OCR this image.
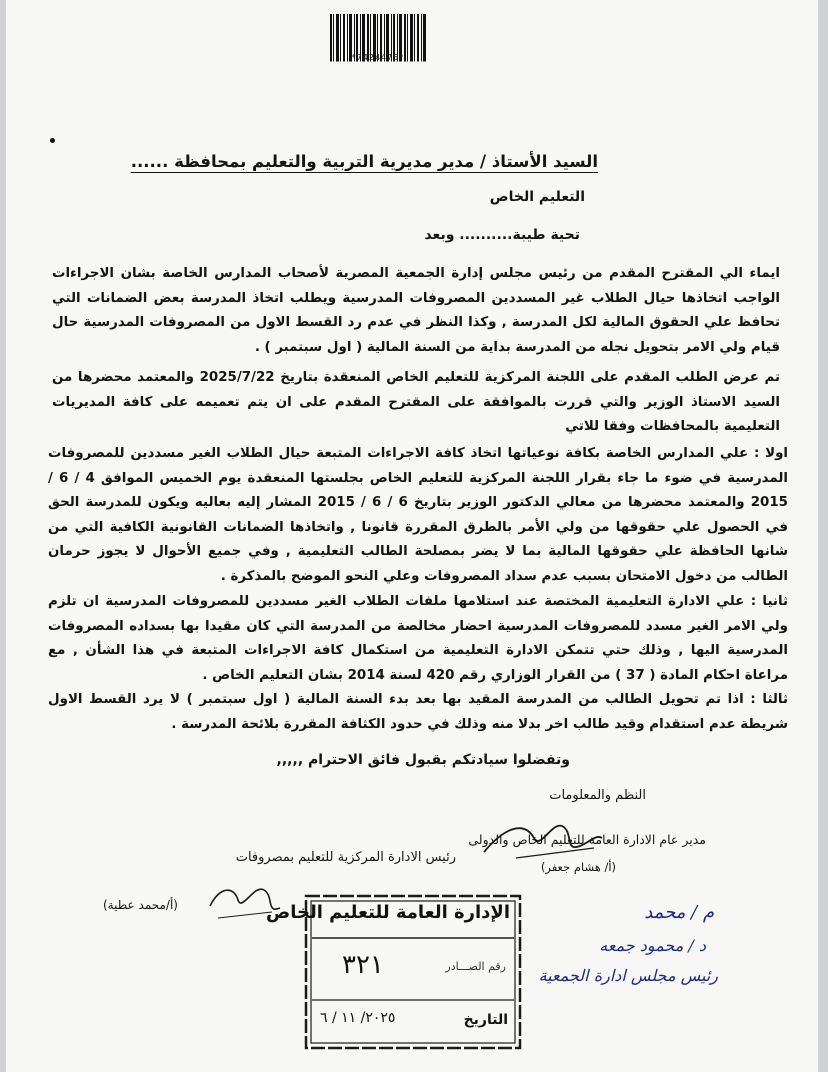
*7424475*
السيد الأستاذ / مدير مديرية التربية والتعليم بمحافظة ......
التعليم الخاص
تحية طيبة.......... وبعد
ايماء الي المقترح المقدم من رئيس مجلس إدارة الجمعية المصرية لأصحاب المدارس الخاصة بشان الاجراءات الواجب اتخاذها حيال الطلاب غير المسددين المصروفات المدرسية ويطلب اتخاذ المدرسة بعض الضمانات التي تحافظ علي الحقوق المالية لكل المدرسة , وكذا النظر في عدم رد القسط الاول من المصروفات المدرسية حال قيام ولي الامر بتحويل نجله من المدرسة بداية من السنة المالية ( اول سبتمبر ) .
تم عرض الطلب المقدم على اللجنة المركزية للتعليم الخاص المنعقدة بتاريخ 2025/7/22 والمعتمد محضرها من السيد الاستاذ الوزير والتي قررت بالموافقة على المقترح المقدم على ان يتم تعميمه على كافة المديريات التعليمية بالمحافظات وفقا للاتي
اولا : علي المدارس الخاصة بكافة نوعياتها اتخاذ كافة الاجراءات المتبعة حيال الطلاب الغير مسددين للمصروفات المدرسية في ضوء ما جاء بقرار اللجنة المركزية للتعليم الخاص بجلستها المنعقدة يوم الخميس الموافق 4 / 6 / 2015 والمعتمد محضرها من معالي الدكتور الوزير بتاريخ 6 / 6 / 2015 المشار إليه بعاليه ويكون للمدرسة الحق في الحصول علي حقوقها من ولي الأمر بالطرق المقررة قانونا , واتخاذها الضمانات القانونية الكافية التي من شانها الحافظة علي حقوقها المالية بما لا يضر بمصلحة الطالب التعليمية , وفي جميع الأحوال لا يجوز حرمان الطالب من دخول الامتحان بسبب عدم سداد المصروفات وعلي النحو الموضح بالمذكرة .
ثانيا : علي الادارة التعليمية المختصة عند استلامها ملفات الطلاب الغير مسددين للمصروفات المدرسية ان تلزم ولي الامر الغير مسدد للمصروفات المدرسية احضار مخالصة من المدرسة التي كان مقيدا بها بسداده المصروفات المدرسية اليها , وذلك حتي تتمكن الادارة التعليمية من استكمال كافة الاجراءات المتبعة في هذا الشأن , مع مراعاة احكام المادة ( 37 ) من القرار الوزاري رقم 420 لسنة 2014 بشان التعليم الخاص .
ثالثا : اذا تم تحويل الطالب من المدرسة المقيد بها بعد بدء السنة المالية ( اول سبتمبر ) لا يرد القسط الاول شريطة عدم استقدام وقيد طالب اخر بدلا منه وذلك في حدود الكثافة المقررة بلائحة المدرسة .
وتفضلوا سيادتكم بقبول فائق الاحترام ,,,,,
النظم والمعلومات
مدير عام الادارة العامة للتعليم الخاص والدولى
(أ/ هشام جعفر)
رئيس الادارة المركزية للتعليم بمصروفات
(أ/محمد عطية)	الإدارة العامة للتعليم الخاص
رقم الصـــادر
٣٢١
التاريخ
٢٠٢٥/ ١١ / ٦
م / محمد
د / محمود جمعه
رئيس مجلس ادارة الجمعية
